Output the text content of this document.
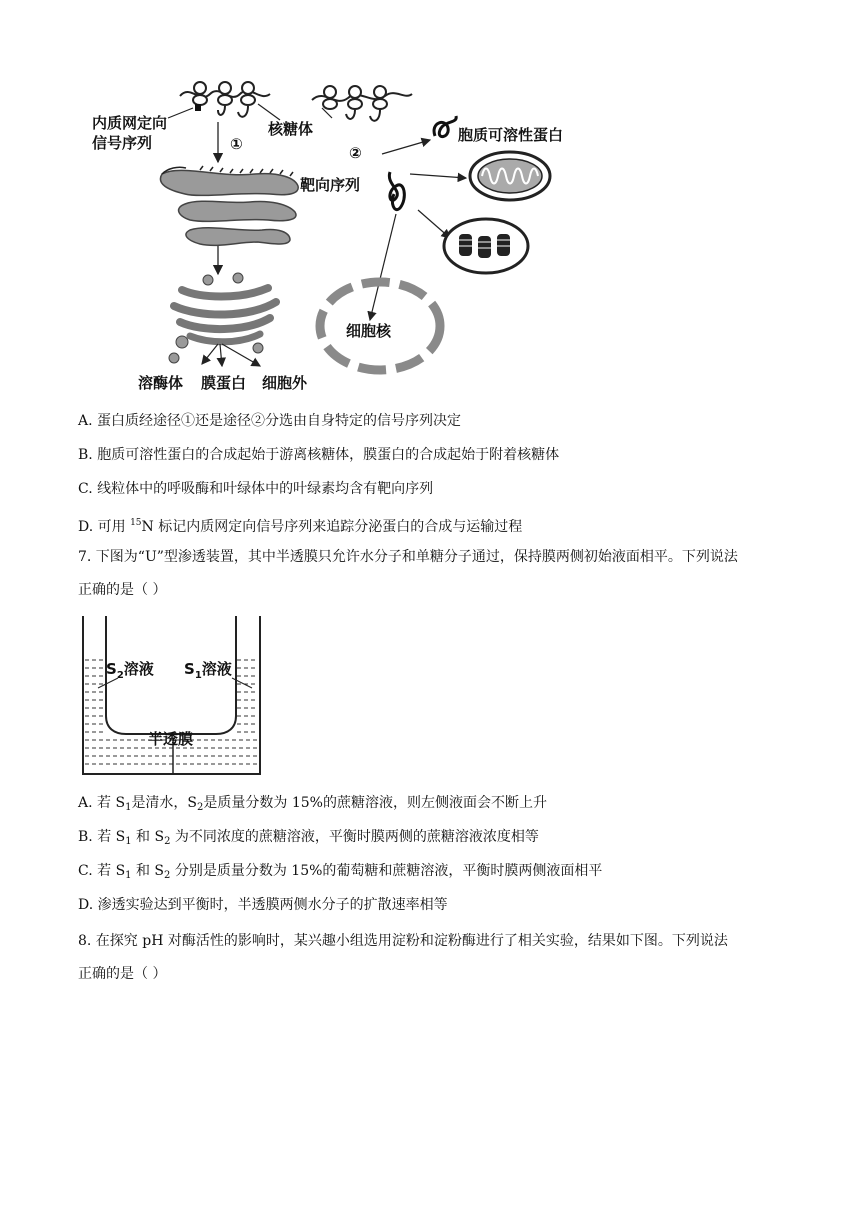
内质网定向
信号序列
核糖体
①
溶酶体 膜蛋白 细胞外
②
靶向序列
胞质可溶性蛋白
细胞核
A. 蛋白质经途径①还是途径②分选由自身特定的信号序列决定
B. 胞质可溶性蛋白的合成起始于游离核糖体，膜蛋白的合成起始于附着核糖体
C. 线粒体中的呼吸酶和叶绿体中的叶绿素均含有靶向序列
D. 可用 $^{15}$N 标记内质网定向信号序列来追踪分泌蛋白的合成与运输过程
7. 下图为“U”型渗透装置，其中半透膜只允许水分子和单糖分子通过，保持膜两侧初始液面相平。下列说法
正确的是（ ）
$S_2$溶液 $S_1$溶液
半透膜
A. 若 $S_1$是清水，$S_2$是质量分数为 15%的蔗糖溶液，则左侧液面会不断上升
B. 若 $S_1$ 和 $S_2$ 为不同浓度的蔗糖溶液，平衡时膜两侧的蔗糖溶液浓度相等
C. 若 $S_1$ 和 $S_2$ 分别是质量分数为 15%的葡萄糖和蔗糖溶液，平衡时膜两侧液面相平
D. 渗透实验达到平衡时，半透膜两侧水分子的扩散速率相等
8. 在探究 pH 对酶活性的影响时，某兴趣小组选用淀粉和淀粉酶进行了相关实验，结果如下图。下列说法
正确的是（ ）
